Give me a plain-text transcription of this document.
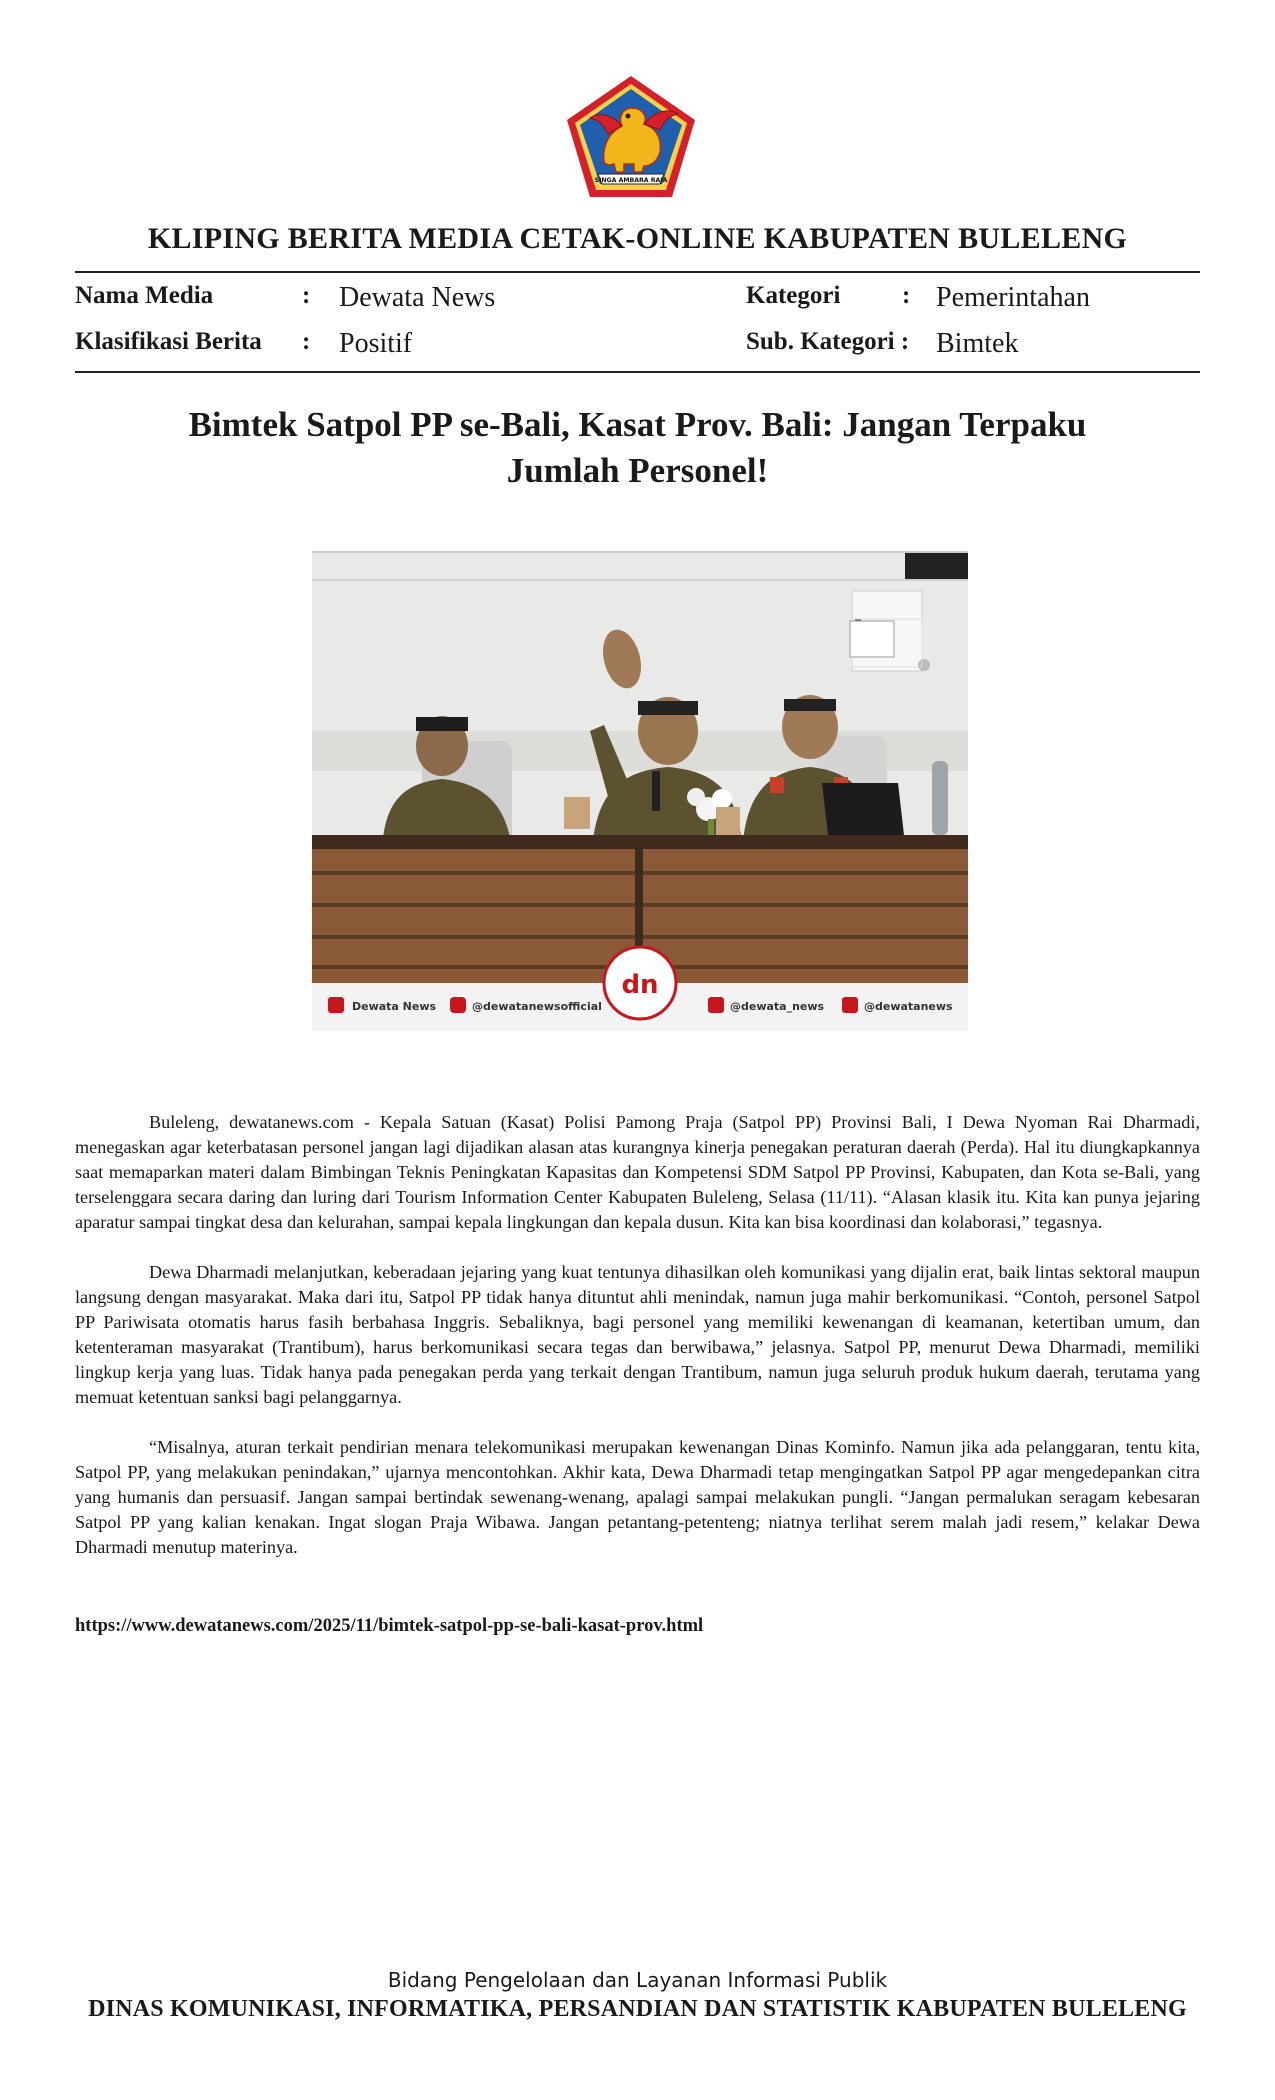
SINGA AMBARA RAJA
KLIPING BERITA MEDIA CETAK-ONLINE KABUPATEN BULELENG
Nama Media	: Dewata News
Klasifikasi Berita : Positif
Kategori : Pemerintahan
Sub. Kategori : Bimtek
Bimtek Satpol PP se-Bali, Kasat Prov. Bali: Jangan Terpaku
Jumlah Personel!
dn
Dewata News	@dewatanewsofficial	@dewata_news	@dewatanews

Buleleng, dewatanews.com - Kepala Satuan (Kasat) Polisi Pamong Praja (Satpol PP) Provinsi Bali, I Dewa Nyoman Rai Dharmadi, menegaskan agar keterbatasan personel jangan lagi dijadikan alasan atas kurangnya kinerja penegakan peraturan daerah (Perda). Hal itu diungkapkannya saat memaparkan materi dalam Bimbingan Teknis Peningkatan Kapasitas dan Kompetensi SDM Satpol PP Provinsi, Kabupaten, dan Kota se-Bali, yang terselenggara secara daring dan luring dari Tourism Information Center Kabupaten Buleleng, Selasa (11/11). “Alasan klasik itu. Kita kan punya jejaring aparatur sampai tingkat desa dan kelurahan, sampai kepala lingkungan dan kepala dusun. Kita kan bisa koordinasi dan kolaborasi,” tegasnya.

Dewa Dharmadi melanjutkan, keberadaan jejaring yang kuat tentunya dihasilkan oleh komunikasi yang dijalin erat, baik lintas sektoral maupun langsung dengan masyarakat. Maka dari itu, Satpol PP tidak hanya dituntut ahli menindak, namun juga mahir berkomunikasi. “Contoh, personel Satpol PP Pariwisata otomatis harus fasih berbahasa Inggris. Sebaliknya, bagi personel yang memiliki kewenangan di keamanan, ketertiban umum, dan ketenteraman masyarakat (Trantibum), harus berkomunikasi secara tegas dan berwibawa,” jelasnya. Satpol PP, menurut Dewa Dharmadi, memiliki lingkup kerja yang luas. Tidak hanya pada penegakan perda yang terkait dengan Trantibum, namun juga seluruh produk hukum daerah, terutama yang memuat ketentuan sanksi bagi pelanggarnya.

“Misalnya, aturan terkait pendirian menara telekomunikasi merupakan kewenangan Dinas Kominfo. Namun jika ada pelanggaran, tentu kita, Satpol PP, yang melakukan penindakan,” ujarnya mencontohkan. Akhir kata, Dewa Dharmadi tetap mengingatkan Satpol PP agar mengedepankan citra yang humanis dan persuasif. Jangan sampai bertindak sewenang-wenang, apalagi sampai melakukan pungli. “Jangan permalukan seragam kebesaran Satpol PP yang kalian kenakan. Ingat slogan Praja Wibawa. Jangan petantang-petenteng; niatnya terlihat serem malah jadi resem,” kelakar Dewa Dharmadi menutup materinya.

https://www.dewatanews.com/2025/11/bimtek-satpol-pp-se-bali-kasat-prov.html
Bidang Pengelolaan dan Layanan Informasi Publik
DINAS KOMUNIKASI, INFORMATIKA, PERSANDIAN DAN STATISTIK KABUPATEN BULELENG
